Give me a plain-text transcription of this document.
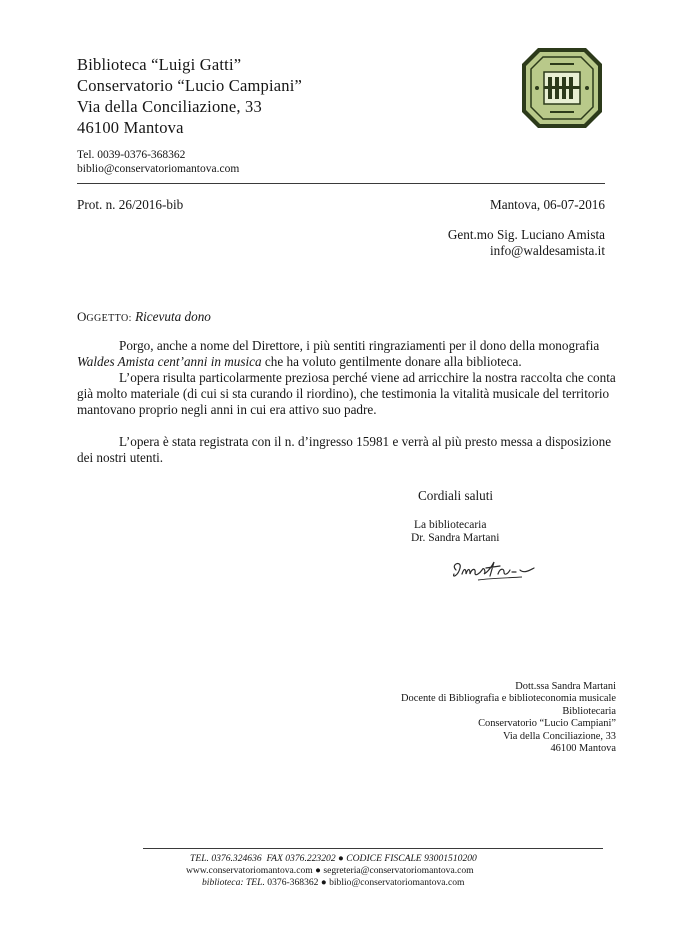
Biblioteca “Luigi Gatti”
Conservatorio “Lucio Campiani”
Via della Conciliazione, 33
46100 Mantova
Tel. 0039-0376-368362
biblio@conservatoriomantova.com
Prot. n. 26/2016-bib	Mantova, 06-07-2016
Gent.mo Sig. Luciano Amista
info@waldesamista.it
OGGETTO: Ricevuta dono
Porgo, anche a nome del Direttore, i più sentiti ringraziamenti per il dono della monografia
Waldes Amista cent’anni in musica che ha voluto gentilmente donare alla biblioteca.
L’opera risulta particolarmente preziosa perché viene ad arricchire la nostra raccolta che conta
già molto materiale (di cui si sta curando il riordino), che testimonia la vitalità musicale del territorio
mantovano proprio negli anni in cui era attivo suo padre.
L’opera è stata registrata con il n. d’ingresso 15981 e verrà al più presto messa a disposizione
dei nostri utenti.
Cordiali saluti
La bibliotecaria
Dr. Sandra Martani
Dott.ssa Sandra Martani
Docente di Bibliografia e biblioteconomia musicale
Bibliotecaria
Conservatorio “Lucio Campiani”
Via della Conciliazione, 33
46100 Mantova
TEL. 0376.324636 FAX 0376.223202 ● CODICE FISCALE 93001510200
www.conservatoriomantova.com ● segreteria@conservatoriomantova.com
biblioteca: TEL. 0376-368362 ● biblio@conservatoriomantova.com
